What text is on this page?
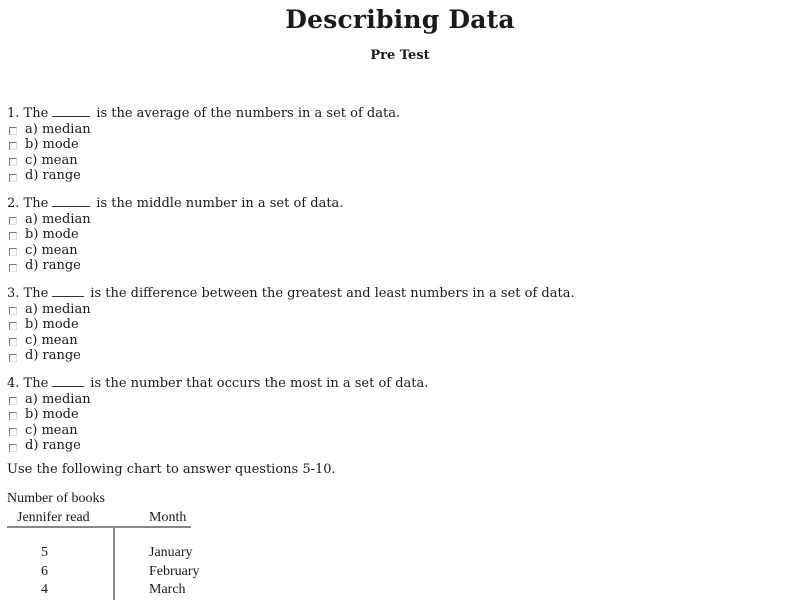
Describing Data
Pre Test
1. The	is the average of the numbers in a set of data.
a) median
b) mode
c) mean
d) range
2. The	is the middle number in a set of data.
a) median
b) mode
c) mean
d) range
3. The	is the difference between the greatest and least numbers in a set of data.
a) median
b) mode
c) mean
d) range
4. The	is the number that occurs the most in a set of data.
a) median
b) mode
c) mean
d) range
Use the following chart to answer questions 5-10.
Number of books
Jennifer read	Month
5	January
6	February
4	March
